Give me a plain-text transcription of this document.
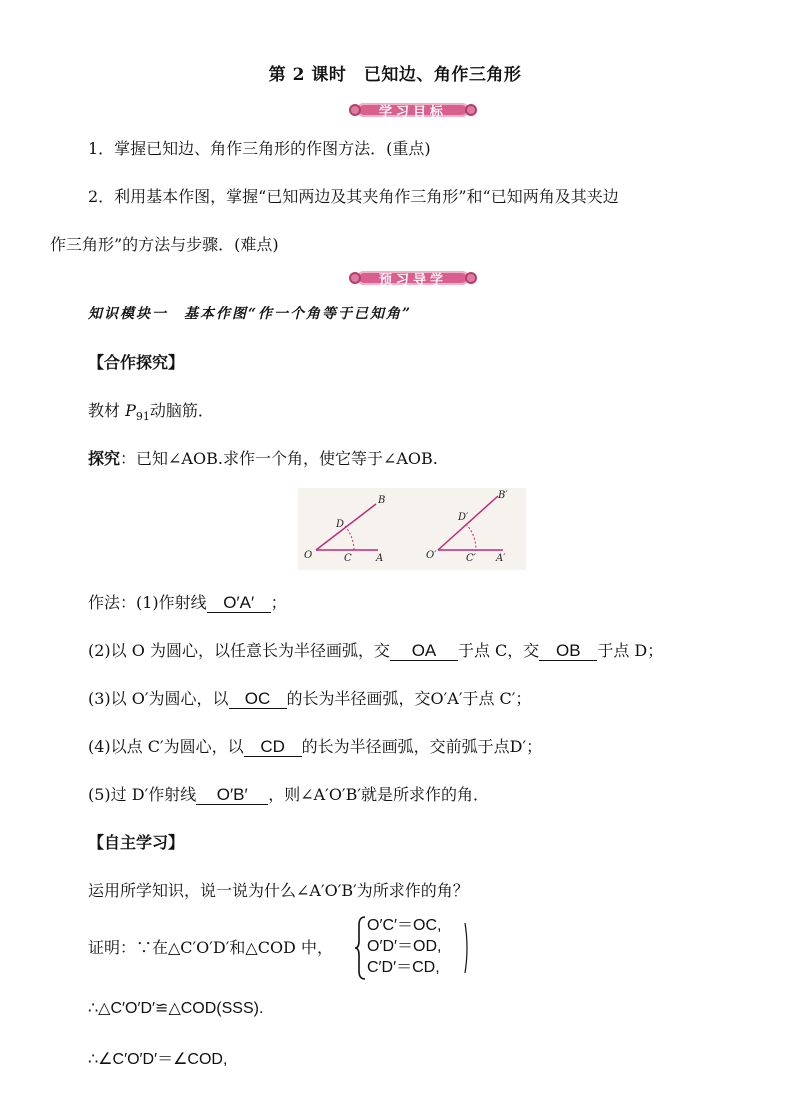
第 2 课时　已知边、角作三角形
学习目标
1．掌握已知边、角作三角形的作图方法．(重点)
2．利用基本作图，掌握“已知两边及其夹角作三角形”和“已知两角及其夹边
作三角形”的方法与步骤．(难点)
预习导学
知识模块一　基本作图“作一个角等于已知角”
【合作探究】
教材 $P_{91}$动脑筋．
探究：已知∠AOB.求作一个角，使它等于∠AOB.
O	A
B
C
D
O′	A′
B′
C′
D′
作法：(1)作射线 O′A′ ；
(2)以 O 为圆心，以任意长为半径画弧，交 OA 于点 C，交 OB 于点 D；
(3)以 O′为圆心，以 OC 的长为半径画弧，交O′A′于点 C′；
(4)以点 C′为圆心，以 CD 的长为半径画弧，交前弧于点D′；
(5)过 D′作射线 O′B′ ，则∠A′O′B′就是所求作的角．
【自主学习】
运用所学知识，说一说为什么∠A′O′B′为所求作的角？
证明：∵在△C′O′D′和△COD 中，
O′C′＝OC,
O′D′＝OD,
C′D′＝CD,
∴△C′O′D′≌△COD(SSS).
∴∠C′O′D′＝∠COD,
